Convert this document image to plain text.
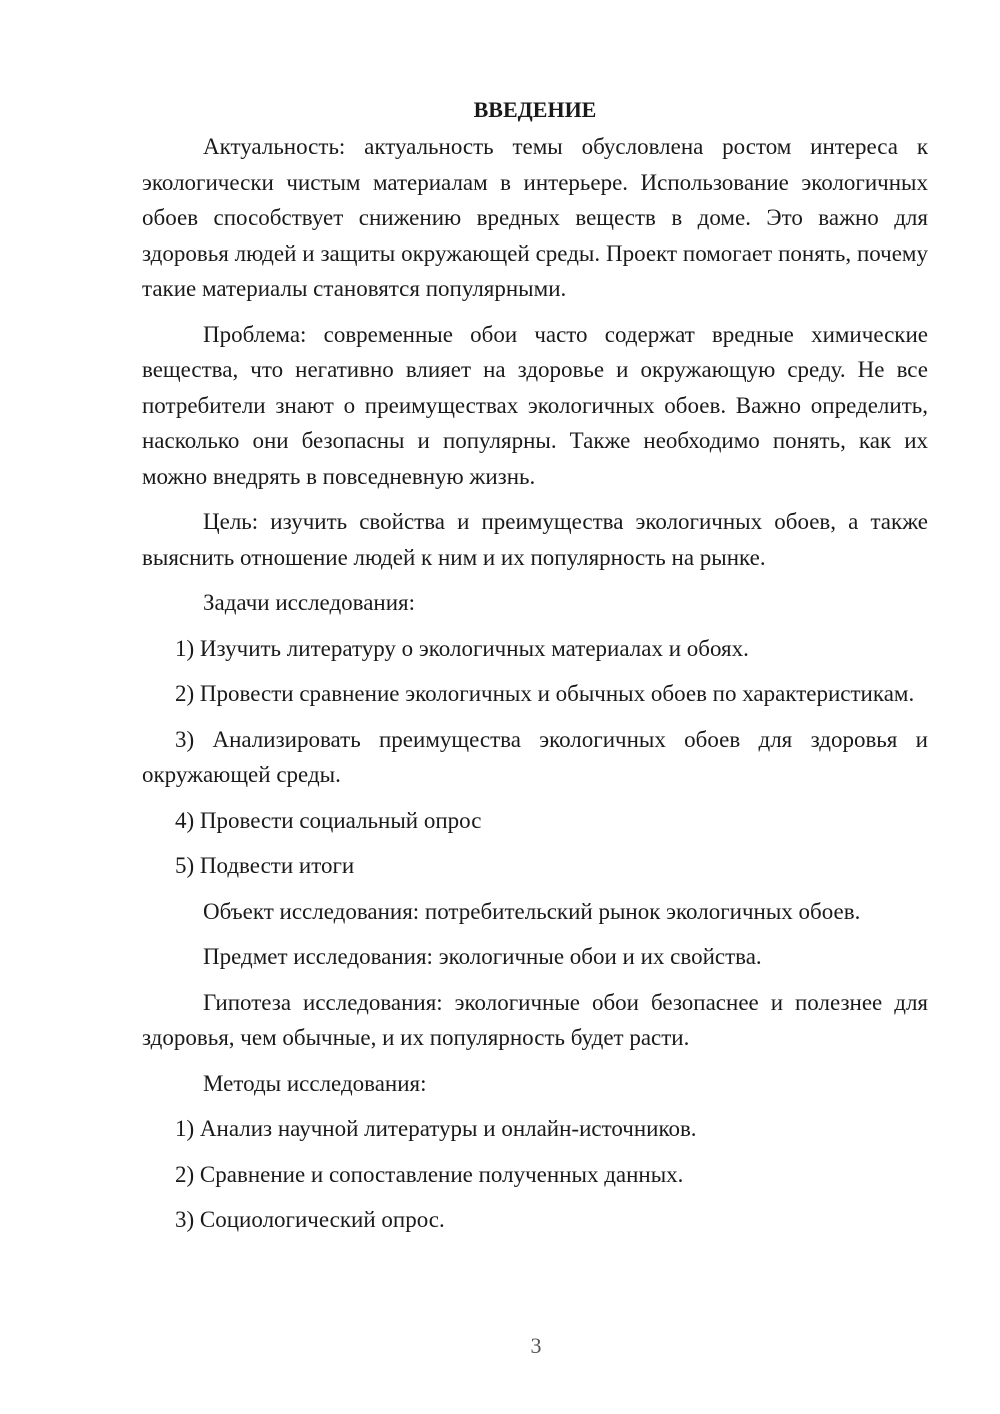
ВВЕДЕНИЕ

Актуальность: актуальность темы обусловлена ростом интереса к экологически чистым материалам в интерьере. Использование экологичных обоев способствует снижению вредных веществ в доме. Это важно для здоровья людей и защиты окружающей среды. Проект помогает понять, почему такие материалы становятся популярными.

Проблема: современные обои часто содержат вредные химические вещества, что негативно влияет на здоровье и окружающую среду. Не все потребители знают о преимуществах экологичных обоев. Важно определить, насколько они безопасны и популярны. Также необходимо понять, как их можно внедрять в повседневную жизнь.

Цель: изучить свойства и преимущества экологичных обоев, а также выяснить отношение людей к ним и их популярность на рынке.

Задачи исследования:

1) Изучить литературу о экологичных материалах и обоях.

2) Провести сравнение экологичных и обычных обоев по характеристикам.

3) Анализировать преимущества экологичных обоев для здоровья и окружающей среды.

4) Провести социальный опрос

5) Подвести итоги

Объект исследования: потребительский рынок экологичных обоев.

Предмет исследования: экологичные обои и их свойства.

Гипотеза исследования: экологичные обои безопаснее и полезнее для здоровья, чем обычные, и их популярность будет расти.

Методы исследования:

1) Анализ научной литературы и онлайн-источников.

2) Сравнение и сопоставление полученных данных.

3) Социологический опрос.

3
